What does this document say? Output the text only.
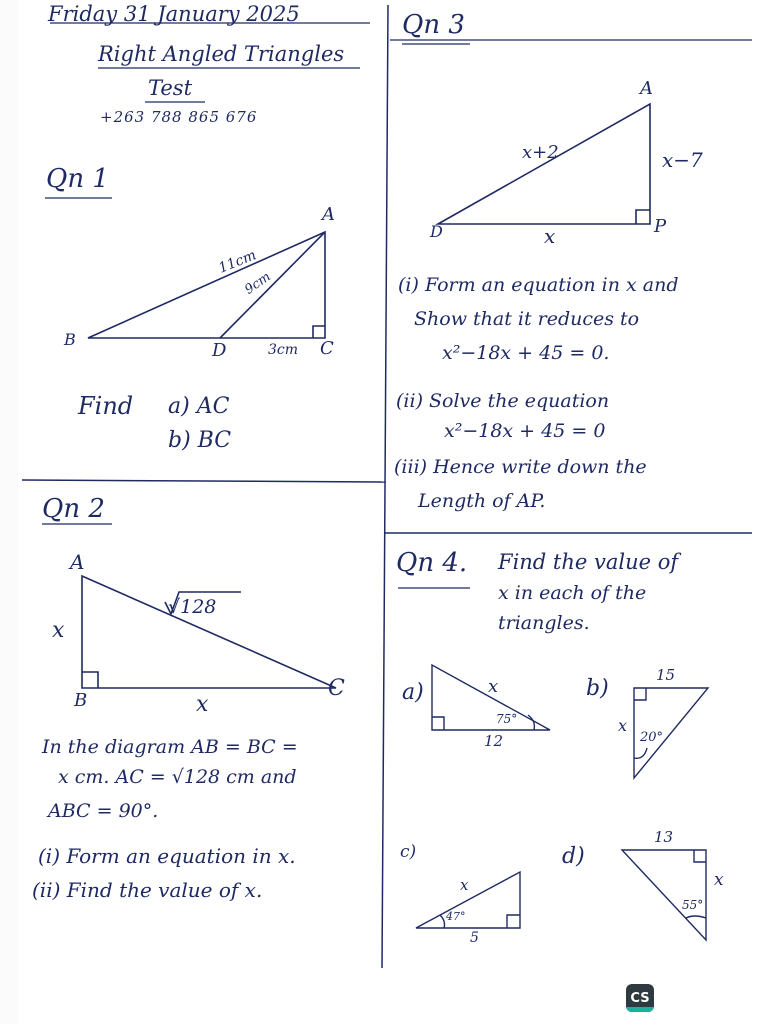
Friday 31 January 2025
Right Angled Triangles
Test
+263 788 865 676
Qn 1
A
B	C
D
11cm
9cm
3cm
Find a) AC
b) BC
Qn 2
A
B	C
x
x
√128
In the diagram AB = BC =
x cm. AC = √128 cm and
ABC = 90°.
(i) Form an equation in x.
(ii) Find the value of x.
Qn 3
A
D	P
x+2	x−7
x
(i) Form an equation in x and
Show that it reduces to
x²−18x + 45 = 0.
(ii) Solve the equation
x²−18x + 45 = 0
(iii) Hence write down the
Length of AP.
Qn 4. Find the value of
x in each of the
triangles.
a)	x
12
75°
b)
15
x
20°
c)
x
5
47°
d)
13
x
55°
CS
